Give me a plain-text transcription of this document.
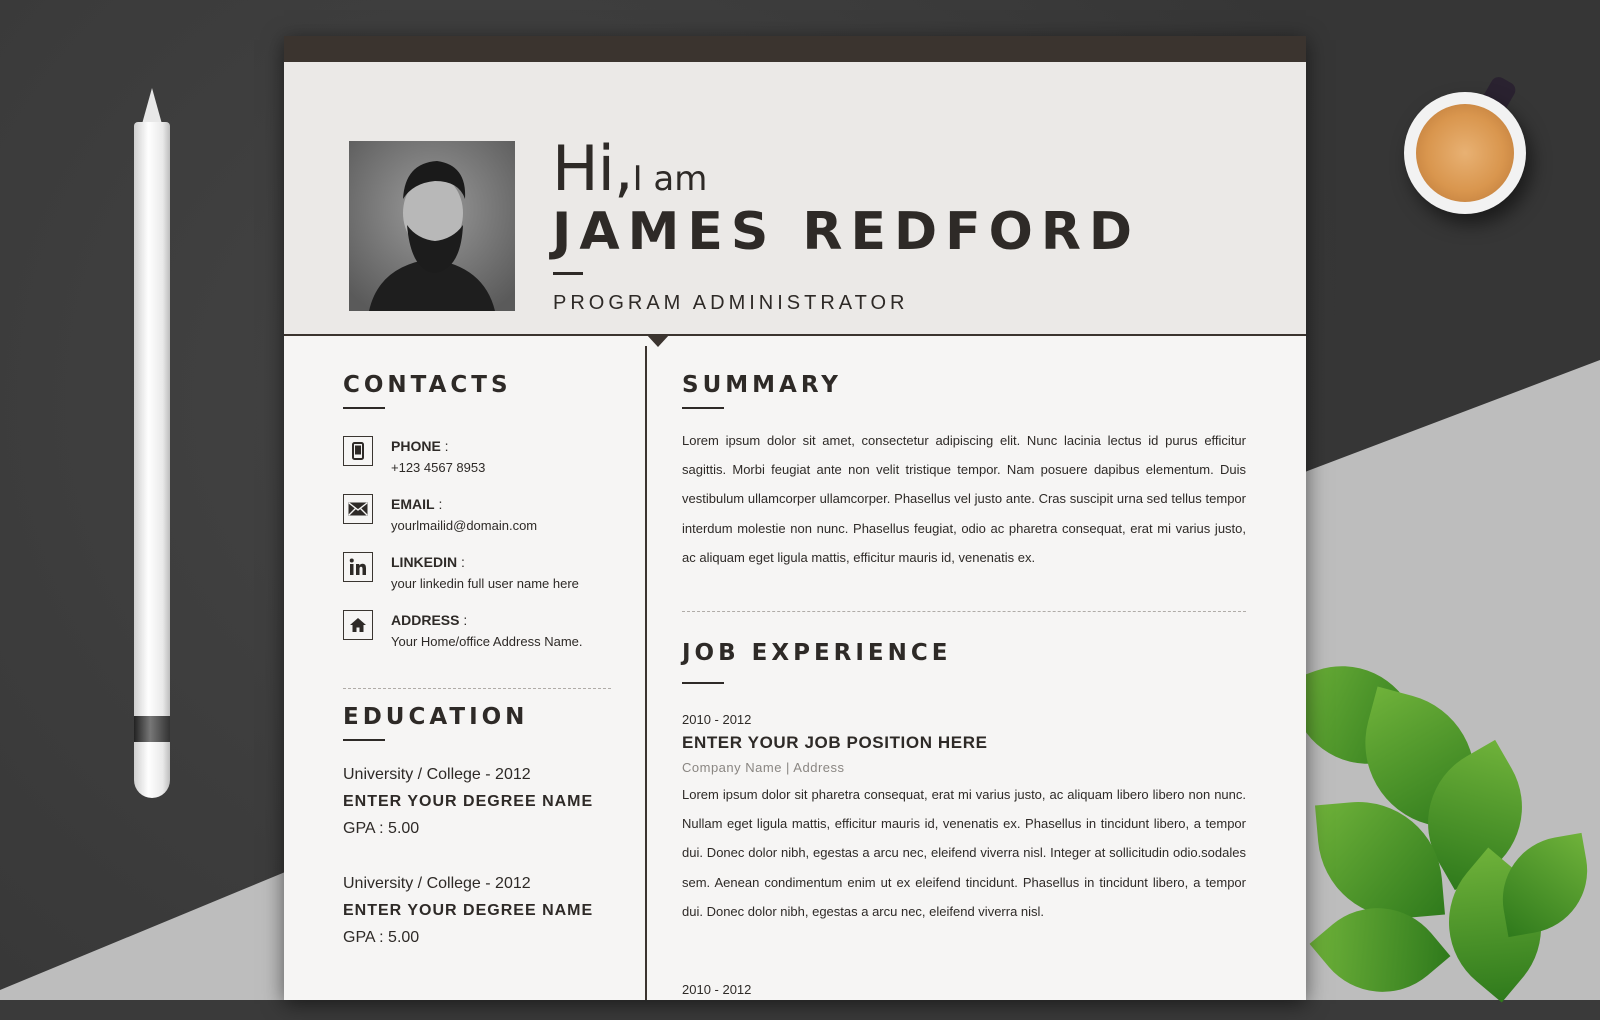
Hi,I am
JAMES REDFORD
PROGRAM ADMINISTRATOR
CONTACTS
PHONE :
+123 4567 8953
EMAIL :
yourlmailid@domain.com
LINKEDIN :
your linkedin full user name here
ADDRESS :
Your Home/office Address Name.
EDUCATION
University / College - 2012
ENTER YOUR DEGREE NAME
GPA : 5.00
University / College - 2012
ENTER YOUR DEGREE NAME
GPA : 5.00
SUMMARY
Lorem ipsum dolor sit amet, consectetur adipiscing elit. Nunc lacinia lectus id purus efficitur sagittis. Morbi feugiat ante non velit tristique tempor. Nam posuere dapibus elementum. Duis vestibulum ullamcorper ullamcorper. Phasellus vel justo ante. Cras suscipit urna sed tellus tempor interdum molestie non nunc. Phasellus feugiat, odio ac pharetra consequat, erat mi varius justo, ac aliquam eget ligula mattis, efficitur mauris id, venenatis ex.
JOB EXPERIENCE
2010 - 2012
ENTER YOUR JOB POSITION HERE
Company Name | Address
Lorem ipsum dolor sit pharetra consequat, erat mi varius justo, ac aliquam libero libero non nunc. Nullam eget ligula mattis, efficitur mauris id, venenatis ex. Phasellus in tincidunt libero, a tempor dui. Donec dolor nibh, egestas a arcu nec, eleifend viverra nisl. Integer at sollicitudin odio.sodales sem. Aenean condimentum enim ut ex eleifend tincidunt. Phasellus in tincidunt libero, a tempor dui. Donec dolor nibh, egestas a arcu nec, eleifend viverra nisl.
2010 - 2012
